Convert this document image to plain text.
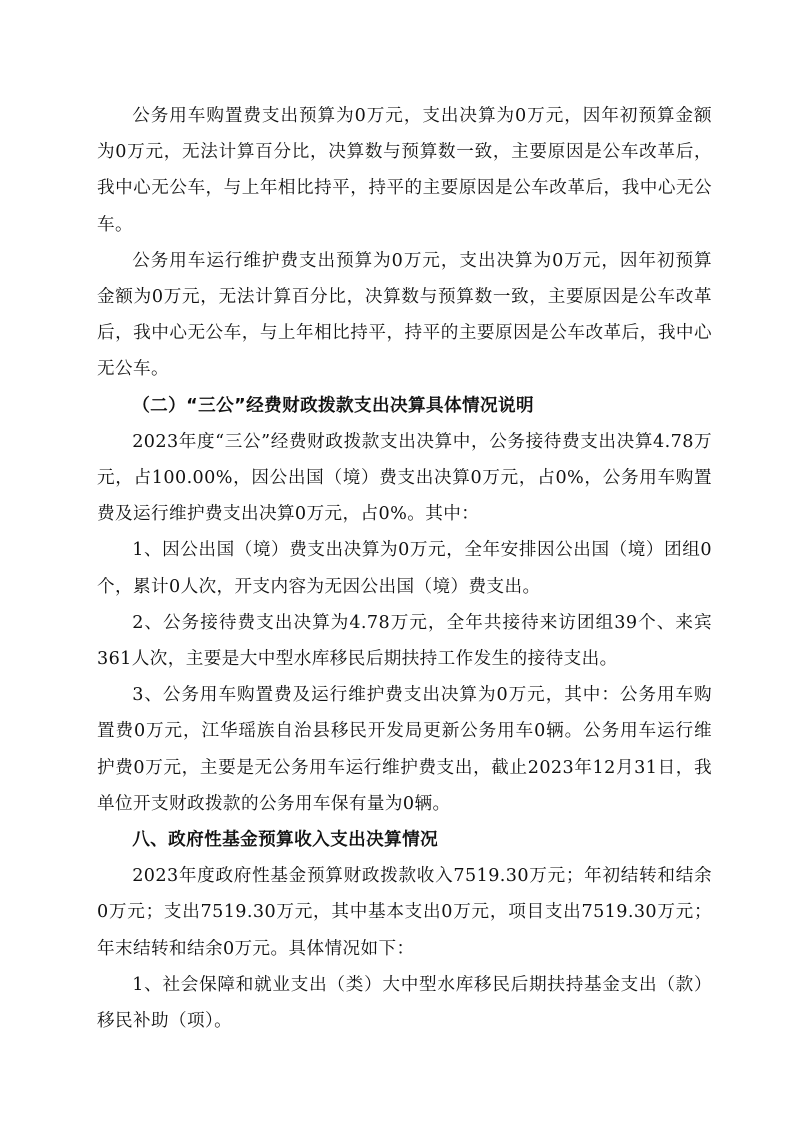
公务用车购置费支出预算为0万元，支出决算为0万元，因年初预算金额为0万元，无法计算百分比，决算数与预算数一致，主要原因是公车改革后，我中心无公车，与上年相比持平，持平的主要原因是公车改革后，我中心无公车。

公务用车运行维护费支出预算为0万元，支出决算为0万元，因年初预算金额为0万元，无法计算百分比，决算数与预算数一致，主要原因是公车改革后，我中心无公车，与上年相比持平，持平的主要原因是公车改革后，我中心无公车。

（二）“三公”经费财政拨款支出决算具体情况说明

2023年度“三公”经费财政拨款支出决算中，公务接待费支出决算4.78万元，占100.00%，因公出国（境）费支出决算0万元，占0%，公务用车购置费及运行维护费支出决算0万元，占0%。其中：

1、因公出国（境）费支出决算为0万元，全年安排因公出国（境）团组0个，累计0人次，开支内容为无因公出国（境）费支出。

2、公务接待费支出决算为4.78万元，全年共接待来访团组39个、来宾361人次，主要是大中型水库移民后期扶持工作发生的接待支出。

3、公务用车购置费及运行维护费支出决算为0万元，其中：公务用车购置费0万元，江华瑶族自治县移民开发局更新公务用车0辆。公务用车运行维护费0万元，主要是无公务用车运行维护费支出，截止2023年12月31日，我单位开支财政拨款的公务用车保有量为0辆。

八、政府性基金预算收入支出决算情况

2023年度政府性基金预算财政拨款收入7519.30万元；年初结转和结余0万元；支出7519.30万元，其中基本支出0万元，项目支出7519.30万元；年末结转和结余0万元。具体情况如下：

1、社会保障和就业支出（类）大中型水库移民后期扶持基金支出（款）移民补助（项）。
